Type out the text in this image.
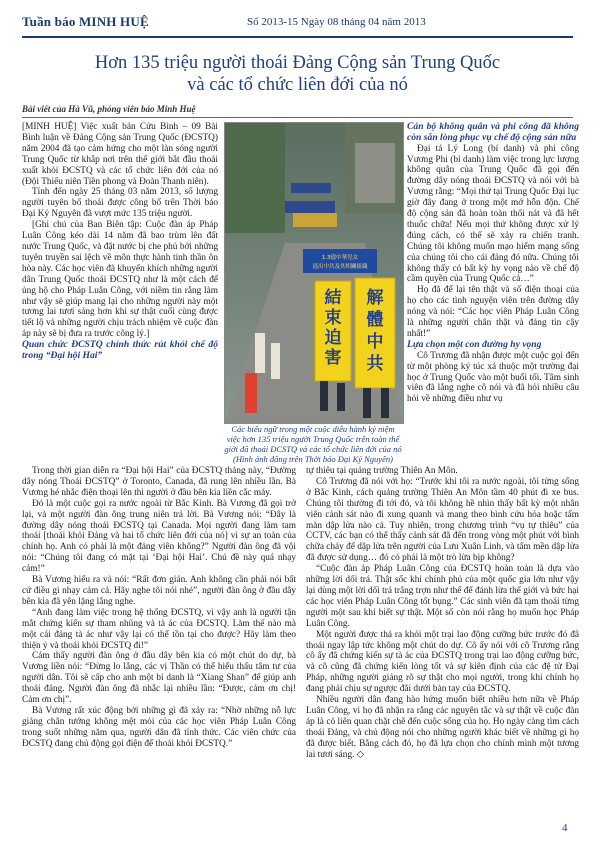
Tuần báo MINH HUỆ	Số 2013-15 Ngày 08 tháng 04 năm 2013
Hơn 135 triệu người thoái Đảng Cộng sản Trung Quốc
và các tổ chức liên đới của nó
Bài viết của Hà Vũ, phóng viên báo Minh Huệ

[MINH HUỆ] Việc xuất bản Cửu Bình – 09 Bài Bình luận về Đảng Cộng sản Trung Quốc (ĐCSTQ) năm 2004 đã tạo cảm hứng cho một làn sóng người Trung Quốc từ khắp nơi trên thế giới bắt đầu thoái xuất khỏi ĐCSTQ và các tổ chức liên đới của nó (Đội Thiếu niên Tiền phong và Đoàn Thanh niên).

Tính đến ngày 25 tháng 03 năm 2013, số lượng người tuyên bố thoái được công bố trên Thời báo Đại Kỷ Nguyên đã vượt mức 135 triệu người.

[Ghi chú của Ban Biên tập: Cuộc đàn áp Pháp Luân Công kéo dài 14 năm đã bao trùm lên đất nước Trung Quốc, và đặt nước bị che phủ bởi những tuyên truyền sai lệch về môn thực hành tinh thần ôn hòa này. Các học viên đã khuyến khích những người dân Trung Quốc thoái ĐCSTQ như là một cách để ủng hộ cho Pháp Luân Công, với niềm tin rằng làm như vậy sẽ giúp mang lại cho những người này một tương lai tươi sáng hơn khi sự thật cuối cùng được tiết lộ và những người chịu trách nhiệm về cuộc đàn áp này sẽ bị đưa ra trước công lý.]

Quan chức ĐCSTQ chính thức rút khỏi chế độ trong “Đại hội Hai”

1.3億中華兒女
退出中共及其相關組織
結
束
迫
害
解
體
中
共
Các biểu ngữ trong một cuộc diễu hành kỷ niệm việc hơn 135 triệu người Trung Quốc trên toàn thế giới đã thoái ĐCSTQ và các tổ chức liên đới của nó (Hình ảnh đăng trên Thời báo Đại Kỷ Nguyên)

Cán bộ không quân và phi công đã không còn sẵn lòng phục vụ chế độ cộng sản nữa

Đại tá Lý Long (bí danh) và phi công Vương Phi (bí danh) làm việc trong lực lượng không quân của Trung Quốc đã gọi đến đường dây nóng thoái ĐCSTQ và nói với bà Vương rằng: “Mọi thứ tại Trung Quốc Đại lục giờ đây đang ở trong một mớ hỗn độn. Chế độ cộng sản đã hoàn toàn thối nát và đã hết thuốc chữa! Nếu mọi thứ không được xử lý đúng cách, có thể sẽ xảy ra chiến tranh. Chúng tôi không muốn mạo hiểm mạng sống của chúng tôi cho cái đảng đó nữa. Chúng tôi không thấy có bất kỳ hy vọng nào về chế độ cầm quyền của Trung Quốc cả…”

Họ đã để lại tên thật và số điện thoại của họ cho các tình nguyện viên trên đường dây nóng và nói: “Các học viên Pháp Luân Công là những người chân thật và đáng tin cậy nhất!”

Lựa chọn một con đường hy vọng

Cô Trương đã nhận được một cuộc gọi đến từ một phòng ký túc xá thuộc một trường đại học ở Trung Quốc vào một buổi tối. Tâm sinh viên đã lắng nghe cô nói và đã hỏi nhiều câu hỏi về những điều như vụ

Trong thời gian diễn ra “Đại hội Hai” của ĐCSTQ tháng này, “Đường dây nóng Thoái ĐCSTQ” ở Toronto, Canada, đã rung lên nhiều lần. Bà Vương hé nhắc điện thoại lên thì người ở đầu bên kia liền cắc máy.

Đó là một cuộc gọi ra nước ngoài từ Bắc Kinh. Bà Vương đã gọi trở lại, và một người đàn ông trung niên trả lời. Bà Vương nói: “Đây là đường dây nóng thoái ĐCSTQ tại Canada. Mọi người đang làm tam thoái [thoái khỏi Đảng và hai tổ chức liên đới của nó] vì sự an toàn của chính họ. Anh có phải là một đảng viên không?” Người đàn ông đã vội nói: “Chúng tôi đang có mặt tại ‘Đại hội Hai’. Chú đề này quá nhạy cảm!”

Bà Vương hiểu ra và nói: “Rất đơn giản. Anh không cần phải nói bất cứ điều gì nhạy cảm cả. Hãy nghe tôi nói nhé”, người đàn ông ở đầu dây bên kia đã yên lặng lắng nghe.

“Anh đang làm việc trong hệ thống ĐCSTQ, vì vậy anh là người tận mắt chứng kiến sự tham nhũng và tà ác của ĐCSTQ. Làm thế nào mà một cái đảng tà ác như vậy lại có thể tồn tại cho được? Hãy làm theo thiện ý và thoái khỏi ĐCSTQ đi!”

Cảm thấy người đàn ông ở đầu dây bên kia có một chút do dự, bà Vương liền nói: “Đừng lo lắng, các vị Thần có thể hiểu thấu tâm tư của người dân. Tôi sẽ cấp cho anh một bí danh là “Xiang Shan” để giúp anh thoái đảng. Người đàn ông đã nhắc lại nhiều lần: “Được, cảm ơn chị! Cảm ơn chị”.

Bà Vương rất xúc động bởi những gì đã xảy ra: “Nhờ những nỗ lực giảng chân tướng không mệt mỏi của các học viên Pháp Luân Công trong suốt những năm qua, người dân đã tỉnh thức. Các viên chức của ĐCSTQ đang chủ động gọi điện để thoái khỏi ĐCSTQ.”

tự thiêu tại quảng trường Thiên An Môn.

Cô Trương đã nói với họ: “Trước khi tôi ra nước ngoài, tôi từng sống ở Bắc Kinh, cách quảng trường Thiên An Môn tầm 40 phút đi xe bus. Chúng tôi thường đi tới đó, và tôi không hề nhìn thấy bất kỳ một nhân viên cảnh sát nào đi xung quanh và mang theo bình cứu hỏa hoặc tấm màn dập lửa nào cả. Tuy nhiên, trong chương trình “vụ tự thiêu” của CCTV, các bạn có thể thấy cảnh sát đã đến trong vòng một phút với bình chữa cháy để dập lửa trên người của Lưu Xuân Linh, và tấm mền dập lửa đã được sử dụng… đó có phải là một trò lừa bịp không?

“Cuộc đàn áp Pháp Luân Công của ĐCSTQ hoàn toàn là dựa vào những lời dối trá. Thật sốc khi chính phủ của một quốc gia lớn như vậy lại dùng một lời dối trá trắng trợn như thế để đánh lừa thế giới và bức hại các học viên Pháp Luân Công tốt bụng.” Các sinh viên đã tạm thoái từng người một sau khi biết sự thật. Một số còn nói rằng họ muốn học Pháp Luân Công.

Một người được thả ra khỏi một trại lao động cưỡng bức trước đó đã thoái ngay lập tức không một chút do dự. Cô ấy nói với cô Trương rằng cô ấy đã chứng kiến sự tà ác của ĐCSTQ trong trại lao động cưỡng bức, và cô cũng đã chứng kiến lòng tốt và sự kiên định của các đệ tử Đại Pháp, những người giảng rõ sự thật cho mọi người, trong khi chính họ đang phải chịu sự ngược đãi dưới bàn tay của ĐCSTQ.

Nhiều người dân đang hào hứng muốn biết nhiều hơn nữa về Pháp Luân Công, vì họ đã nhận ra rằng các nguyên tắc và sự thật về cuộc đàn áp là có liên quan chặt chẽ đến cuộc sống của họ. Họ ngày càng tìm cách thoái Đảng, và chủ động nói cho những người khác biết về những gì họ đã được biết. Bằng cách đó, họ đã lựa chọn cho chính mình một tương lai tươi sáng. ◇

4
